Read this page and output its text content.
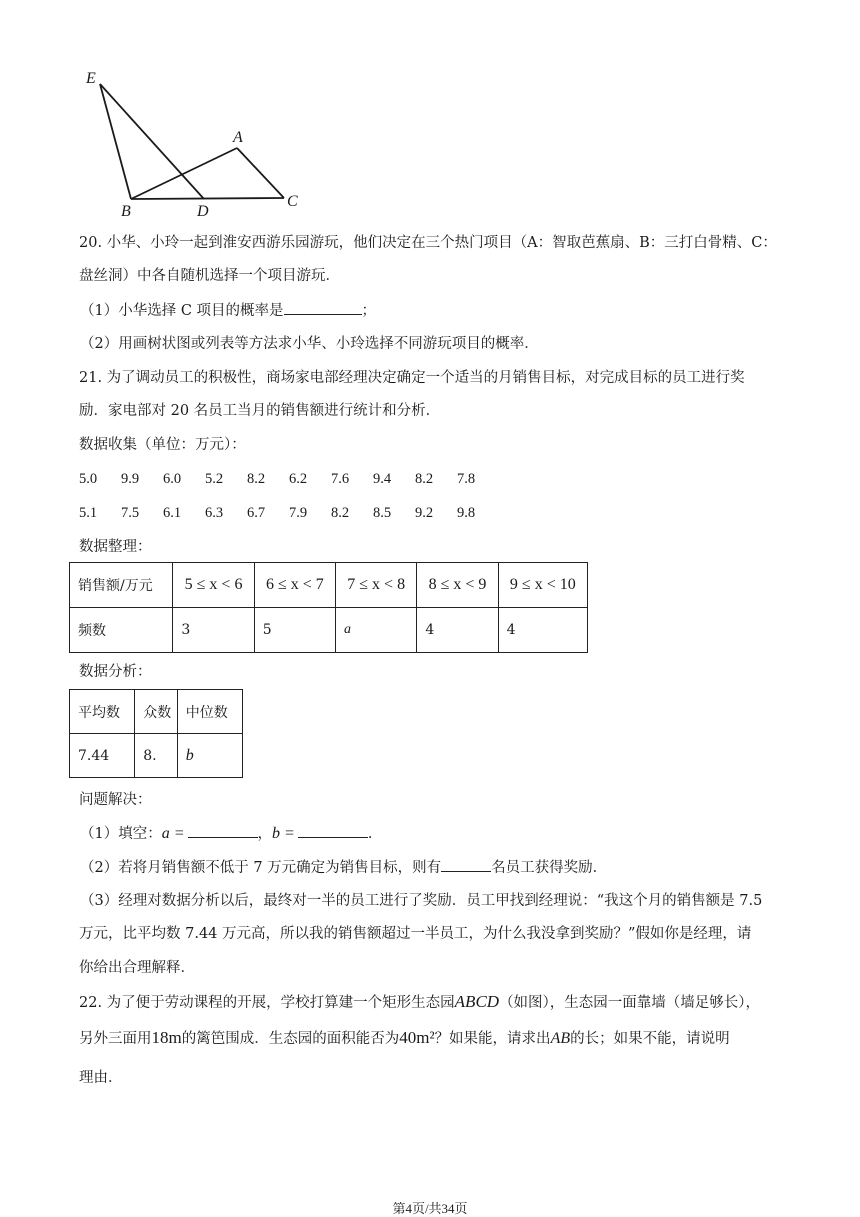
E
A
B	D
C
20. 小华、小玲一起到淮安西游乐园游玩，他们决定在三个热门项目（A：智取芭蕉扇、B：三打白骨精、C：
盘丝洞）中各自随机选择一个项目游玩．
（1）小华选择 C 项目的概率是	；
（2）用画树状图或列表等方法求小华、小玲选择不同游玩项目的概率．
21. 为了调动员工的积极性，商场家电部经理决定确定一个适当的月销售目标，对完成目标的员工进行奖
励．家电部对 20 名员工当月的销售额进行统计和分析．
数据收集（单位：万元）：
5.0 9.9 6.0 5.2 8.2 6.2 7.6 9.4 8.2 7.8
5.1 7.5 6.1 6.3 6.7 7.9 8.2 8.5 9.2 9.8
数据整理：
销售额/万元	5 ≤ x < 6	6 ≤ x < 7	7 ≤ x < 8	8 ≤ x < 9	9 ≤ x < 10
频数	3	5	a	4	4
数据分析：
平均数	众数	中位数
7.44	8.	b
问题解决：
（1）填空：a =	，b =	．
（2）若将月销售额不低于 7 万元确定为销售目标，则有	名员工获得奖励．
（3）经理对数据分析以后，最终对一半的员工进行了奖励．员工甲找到经理说：“我这个月的销售额是 7.5
万元，比平均数 7.44 万元高，所以我的销售额超过一半员工，为什么我没拿到奖励？”假如你是经理，请
你给出合理解释．
22. 为了便于劳动课程的开展，学校打算建一个矩形生态园ABCD（如图），生态园一面靠墙（墙足够长），
另外三面用18m的篱笆围成．生态园的面积能否为40m²？如果能，请求出AB的长；如果不能，请说明
理由．
第4页/共34页
